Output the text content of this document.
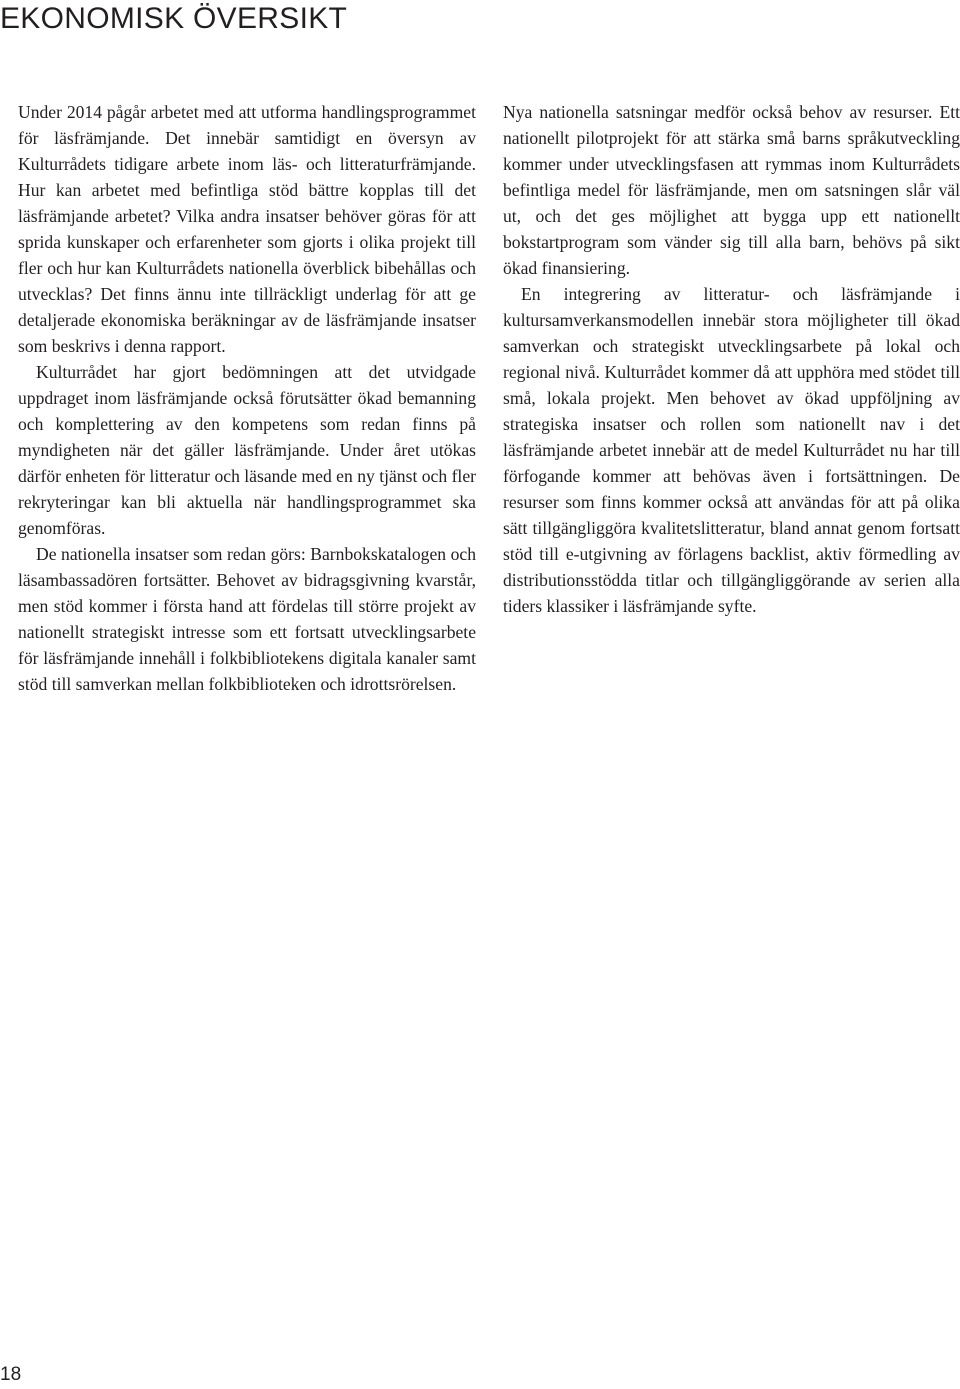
EKONOMISK ÖVERSIKT

Under 2014 pågår arbetet med att utforma handlingsprogrammet för läsfrämjande. Det innebär samtidigt en översyn av Kulturrådets tidigare arbete inom läs- och litteraturfrämjande. Hur kan arbetet med befintliga stöd bättre kopplas till det läsfrämjande arbetet? Vilka andra insatser behöver göras för att sprida kunskaper och erfarenheter som gjorts i olika projekt till fler och hur kan Kulturrådets nationella överblick bibehållas och utvecklas? Det finns ännu inte tillräckligt underlag för att ge detaljerade ekonomiska beräkningar av de läsfrämjande insatser som beskrivs i denna rapport.

Kulturrådet har gjort bedömningen att det utvidgade uppdraget inom läsfrämjande också förutsätter ökad bemanning och komplettering av den kompetens som redan finns på myndigheten när det gäller läsfrämjande. Under året utökas därför enheten för litteratur och läsande med en ny tjänst och fler rekryteringar kan bli aktuella när handlingsprogrammet ska genomföras.

De nationella insatser som redan görs: Barnbokskatalogen och läsambassadören fortsätter. Behovet av bidragsgivning kvarstår, men stöd kommer i första hand att fördelas till större projekt av nationellt strategiskt intresse som ett fortsatt utvecklingsarbete för läsfrämjande innehåll i folkbibliotekens digitala kanaler samt stöd till samverkan mellan folkbiblioteken och idrottsrörelsen.

Nya nationella satsningar medför också behov av resurser. Ett nationellt pilotprojekt för att stärka små barns språkutveckling kommer under utvecklingsfasen att rymmas inom Kulturrådets befintliga medel för läsfrämjande, men om satsningen slår väl ut, och det ges möjlighet att bygga upp ett nationellt bokstartprogram som vänder sig till alla barn, behövs på sikt ökad finansiering.

En integrering av litteratur- och läsfrämjande i kultursamverkansmodellen innebär stora möjligheter till ökad samverkan och strategiskt utvecklingsarbete på lokal och regional nivå. Kulturrådet kommer då att upphöra med stödet till små, lokala projekt. Men behovet av ökad uppföljning av strategiska insatser och rollen som nationellt nav i det läsfrämjande arbetet innebär att de medel Kulturrådet nu har till förfogande kommer att behövas även i fortsättningen. De resurser som finns kommer också att användas för att på olika sätt tillgängliggöra kvalitetslitteratur, bland annat genom fortsatt stöd till e-utgivning av förlagens backlist, aktiv förmedling av distributionsstödda titlar och tillgängliggörande av serien alla tiders klassiker i läsfrämjande syfte.

18
